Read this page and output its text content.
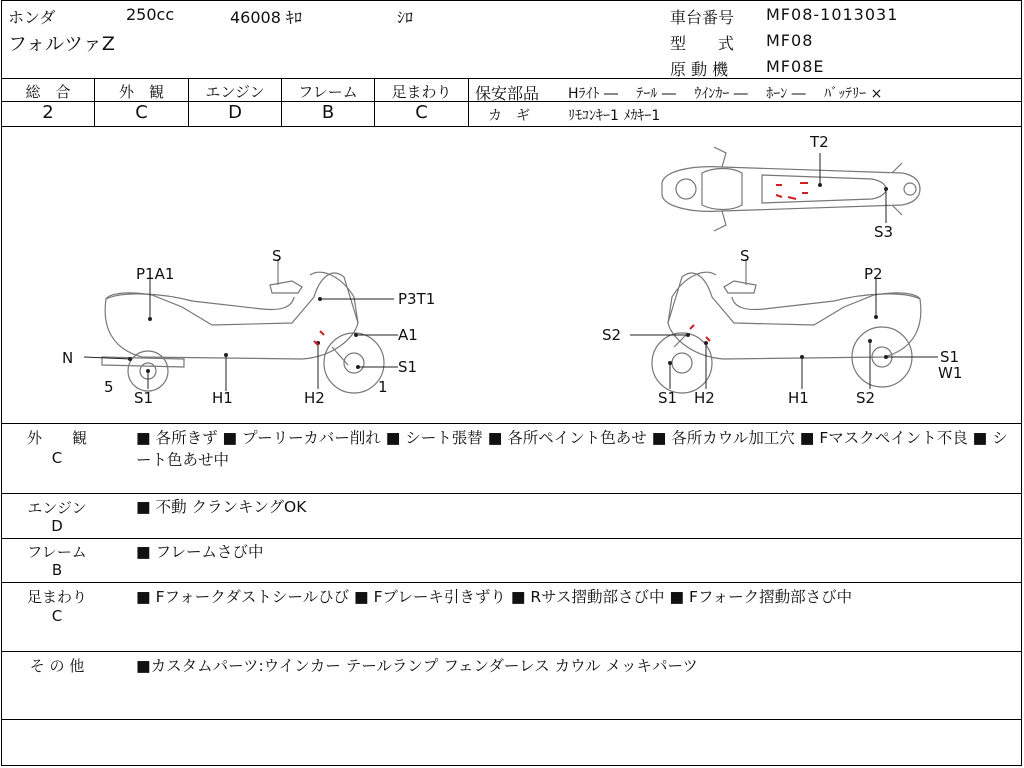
ホンダ	250cc	46008 ｷﾛ	ｼﾛ
フォルツァZ
車台番号 MF08-1013031
型　　式 MF08
原 動 機 MF08E
総　合	外　観	エンジン	フレーム	足まわり
2	C	D	B	C
保安部品 Hﾗｲﾄ ―　 ﾃｰﾙ ―　 ｳｲﾝｶｰ ―　 ﾎｰﾝ ―　 ﾊﾞｯﾃﾘｰ ×
カ　ギ	ﾘﾓｺﾝｷｰ1 ﾒｶｷｰ1
T2
S3
S
P1A1
P3T1
A1
N	S1
5
S1	H1	H2
1
S
P2
S2
S1
W1
S1 H2	H1	S2
外　　観
C
■ 各所きず ■ プーリーカバー削れ ■ シート張替 ■ 各所ペイント色あせ ■ 各所カウル加工穴 ■ Fマスクペイント不良 ■ シート色あせ中
エンジン
D
■ 不動 クランキングOK
フレーム
B
■ フレームさび中
足まわり
C
■ Fフォークダストシールひび ■ Fブレーキ引きずり ■ Rサス摺動部さび中 ■ Fフォーク摺動部さび中
そ の 他	■カスタムパーツ:ウインカー テールランプ フェンダーレス カウル メッキパーツ
